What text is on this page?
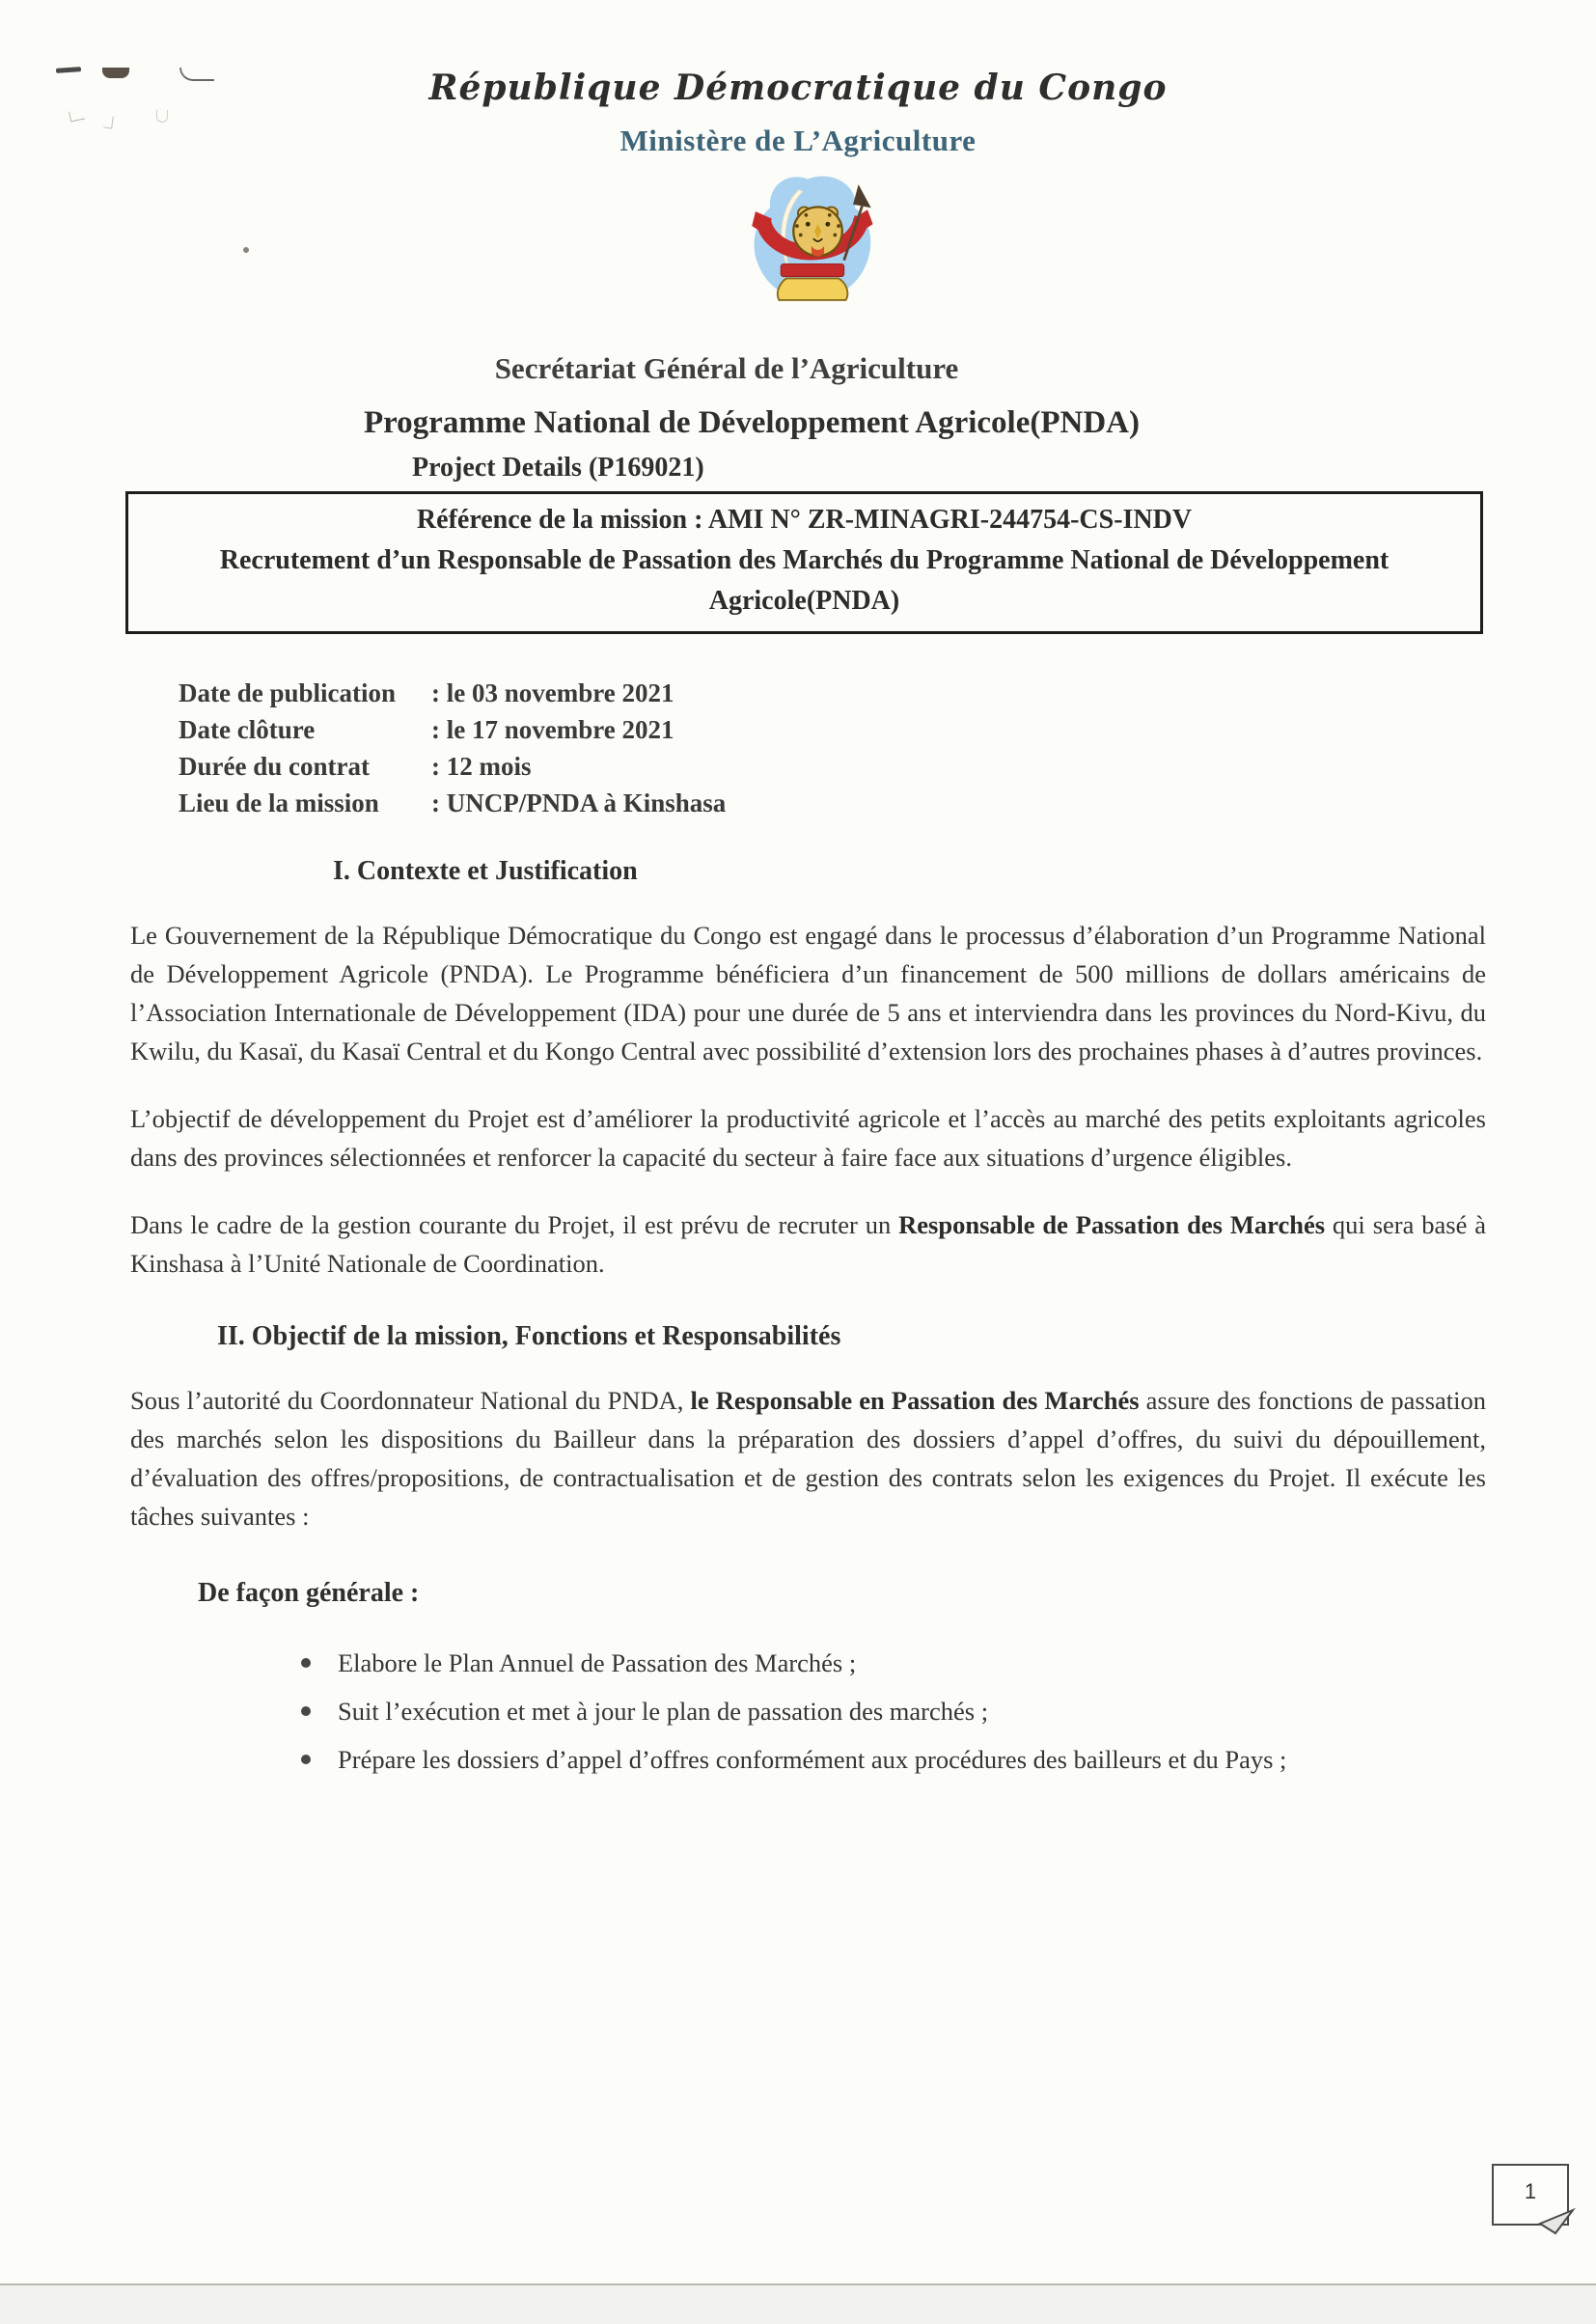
République Démocratique du Congo
Ministère de L’Agriculture
Secrétariat Général de l’Agriculture
Programme National de Développement Agricole(PNDA)
Project Details (P169021)
Référence de la mission : AMI N° ZR-MINAGRI-244754-CS-INDV
Recrutement d’un Responsable de Passation des Marchés du Programme National de Développement
Agricole(PNDA)
Date de publication	: le 03 novembre 2021
Date clôture	: le 17 novembre 2021
Durée du contrat	: 12 mois
Lieu de la mission	: UNCP/PNDA à Kinshasa
I. Contexte et Justification

Le Gouvernement de la République Démocratique du Congo est engagé dans le processus d’élaboration d’un Programme National de Développement Agricole (PNDA). Le Programme bénéficiera d’un financement de 500 millions de dollars américains de l’Association Internationale de Développement (IDA) pour une durée de 5 ans et interviendra dans les provinces du Nord-Kivu, du Kwilu, du Kasaï, du Kasaï Central et du Kongo Central avec possibilité d’extension lors des prochaines phases à d’autres provinces.

L’objectif de développement du Projet est d’améliorer la productivité agricole et l’accès au marché des petits exploitants agricoles dans des provinces sélectionnées et renforcer la capacité du secteur à faire face aux situations d’urgence éligibles.

Dans le cadre de la gestion courante du Projet, il est prévu de recruter un Responsable de Passation des Marchés qui sera basé à Kinshasa à l’Unité Nationale de Coordination.

II. Objectif de la mission, Fonctions et Responsabilités

Sous l’autorité du Coordonnateur National du PNDA, le Responsable en Passation des Marchés assure des fonctions de passation des marchés selon les dispositions du Bailleur dans la préparation des dossiers d’appel d’offres, du suivi du dépouillement, d’évaluation des offres/propositions, de contractualisation et de gestion des contrats selon les exigences du Projet. Il exécute les tâches suivantes :

De façon générale :
Elabore le Plan Annuel de Passation des Marchés ;
Suit l’exécution et met à jour le plan de passation des marchés ;
Prépare les dossiers d’appel d’offres conformément aux procédures des bailleurs et du Pays ;
1
